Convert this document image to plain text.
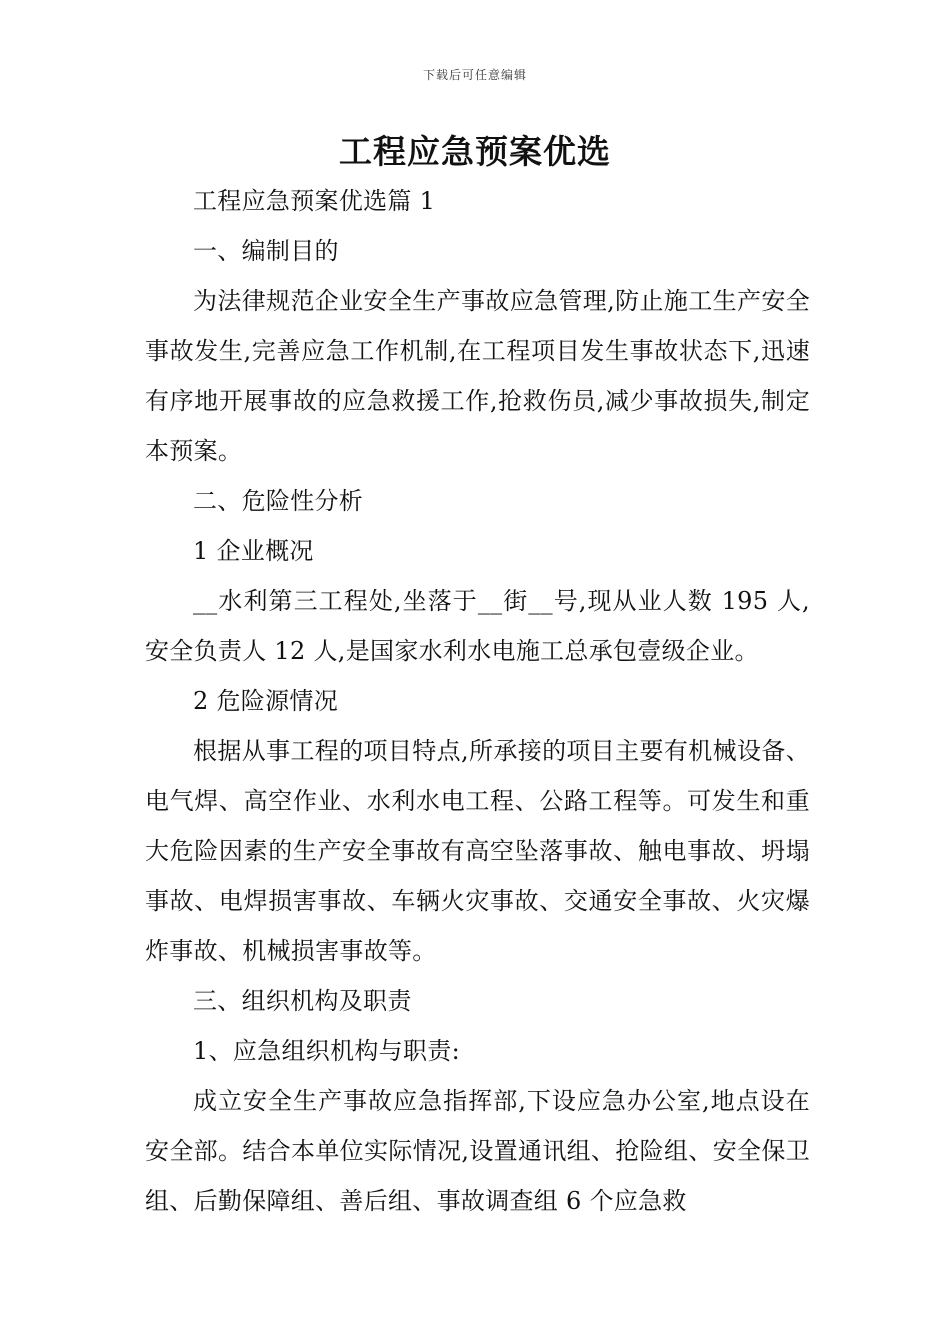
下载后可任意编辑
工程应急预案优选

工程应急预案优选篇 1

一、编制目的

为法律规范企业安全生产事故应急管理,防止施工生产安全事故发生,完善应急工作机制,在工程项目发生事故状态下,迅速有序地开展事故的应急救援工作,抢救伤员,减少事故损失,制定本预案。

二、危险性分析

1 企业概况

__水利第三工程处,坐落于__街__号,现从业人数 195 人,安全负责人 12 人,是国家水利水电施工总承包壹级企业。

2 危险源情况

根据从事工程的项目特点,所承接的项目主要有机械设备、电气焊、高空作业、水利水电工程、公路工程等。可发生和重大危险因素的生产安全事故有高空坠落事故、触电事故、坍塌事故、电焊损害事故、车辆火灾事故、交通安全事故、火灾爆炸事故、机械损害事故等。

三、组织机构及职责

1、应急组织机构与职责:

成立安全生产事故应急指挥部,下设应急办公室,地点设在安全部。结合本单位实际情况,设置通讯组、抢险组、安全保卫组、后勤保障组、善后组、事故调查组 6 个应急救
